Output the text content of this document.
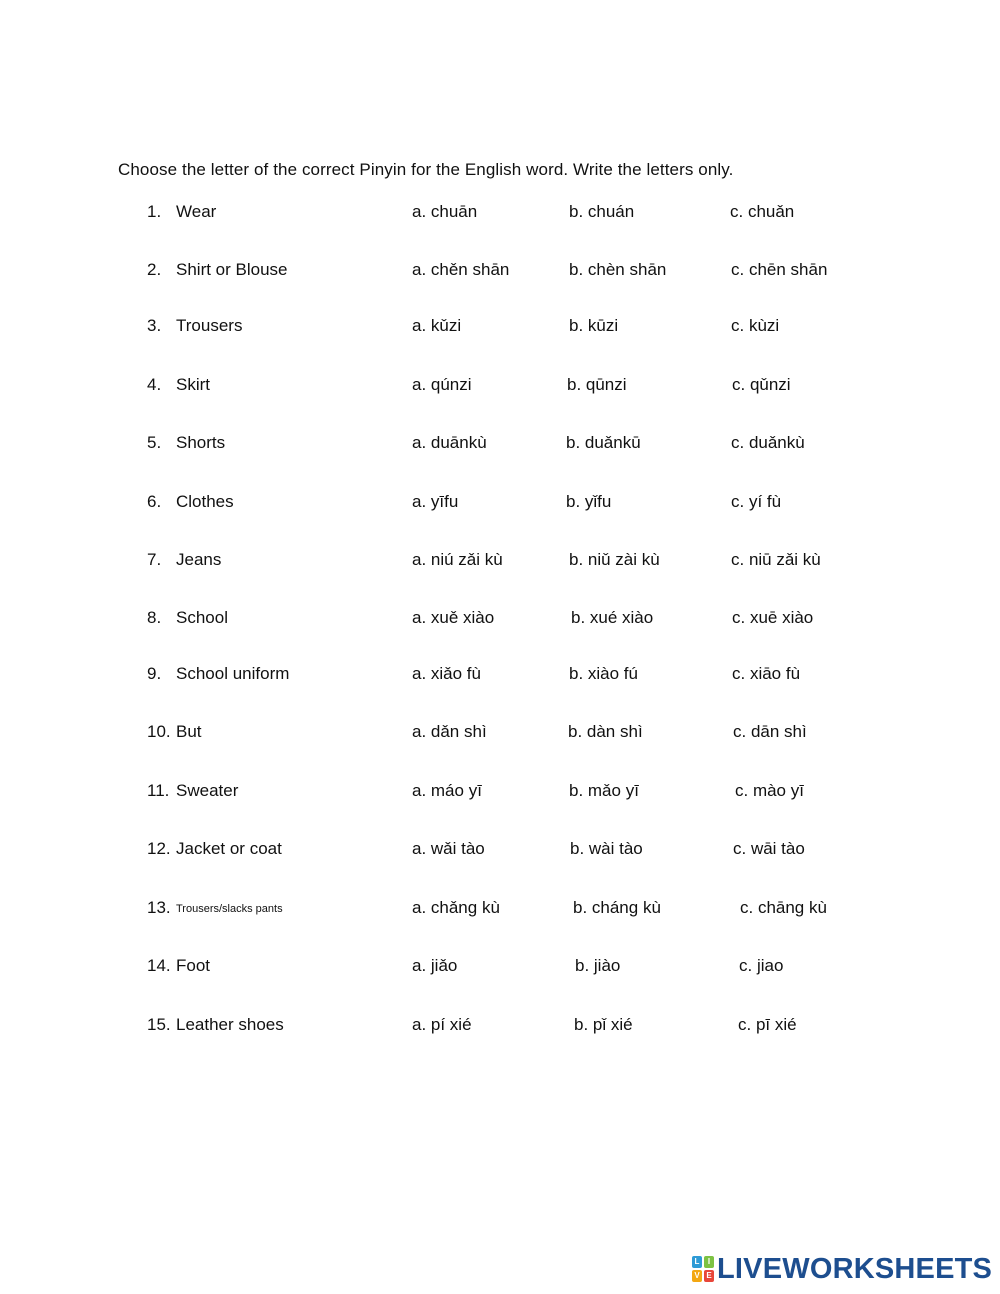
Choose the letter of the correct Pinyin for the English word. Write the letters only.
1. Wear	a. chuān	b. chuán	c. chuǎn
2. Shirt or Blouse	a. chěn shān	b. chèn shān	c. chēn shān
3. Trousers	a. kǔzi	b. kūzi	c. kùzi
4. Skirt	a. qúnzi	b. qūnzi	c. qǔnzi
5. Shorts	a. duānkù	b. duǎnkū	c. duǎnkù
6. Clothes	a. yīfu	b. yǐfu	c. yí fù
7. Jeans	a. niú zǎi kù	b. niǔ zài kù	c. niū zǎi kù
8. School	a. xuě xiào	b. xué xiào	c. xuē xiào
9. School uniform	a. xiǎo fù	b. xiào fú	c. xiāo fù
10. But	a. dǎn shì	b. dàn shì	c. dān shì
11. Sweater	a. máo yī	b. mǎo yī	c. mào yī
12. Jacket or coat	a. wǎi tào	b. wài tào	c. wāi tào
13. Trousers/slacks pants	a. chǎng kù	b. cháng kù	c. chāng kù
14. Foot	a. jiǎo	b. jiào	c. jiao
15. Leather shoes	a. pí xié	b. pǐ xié	c. pī xié
L	I
V E LIVEWORKSHEETS
